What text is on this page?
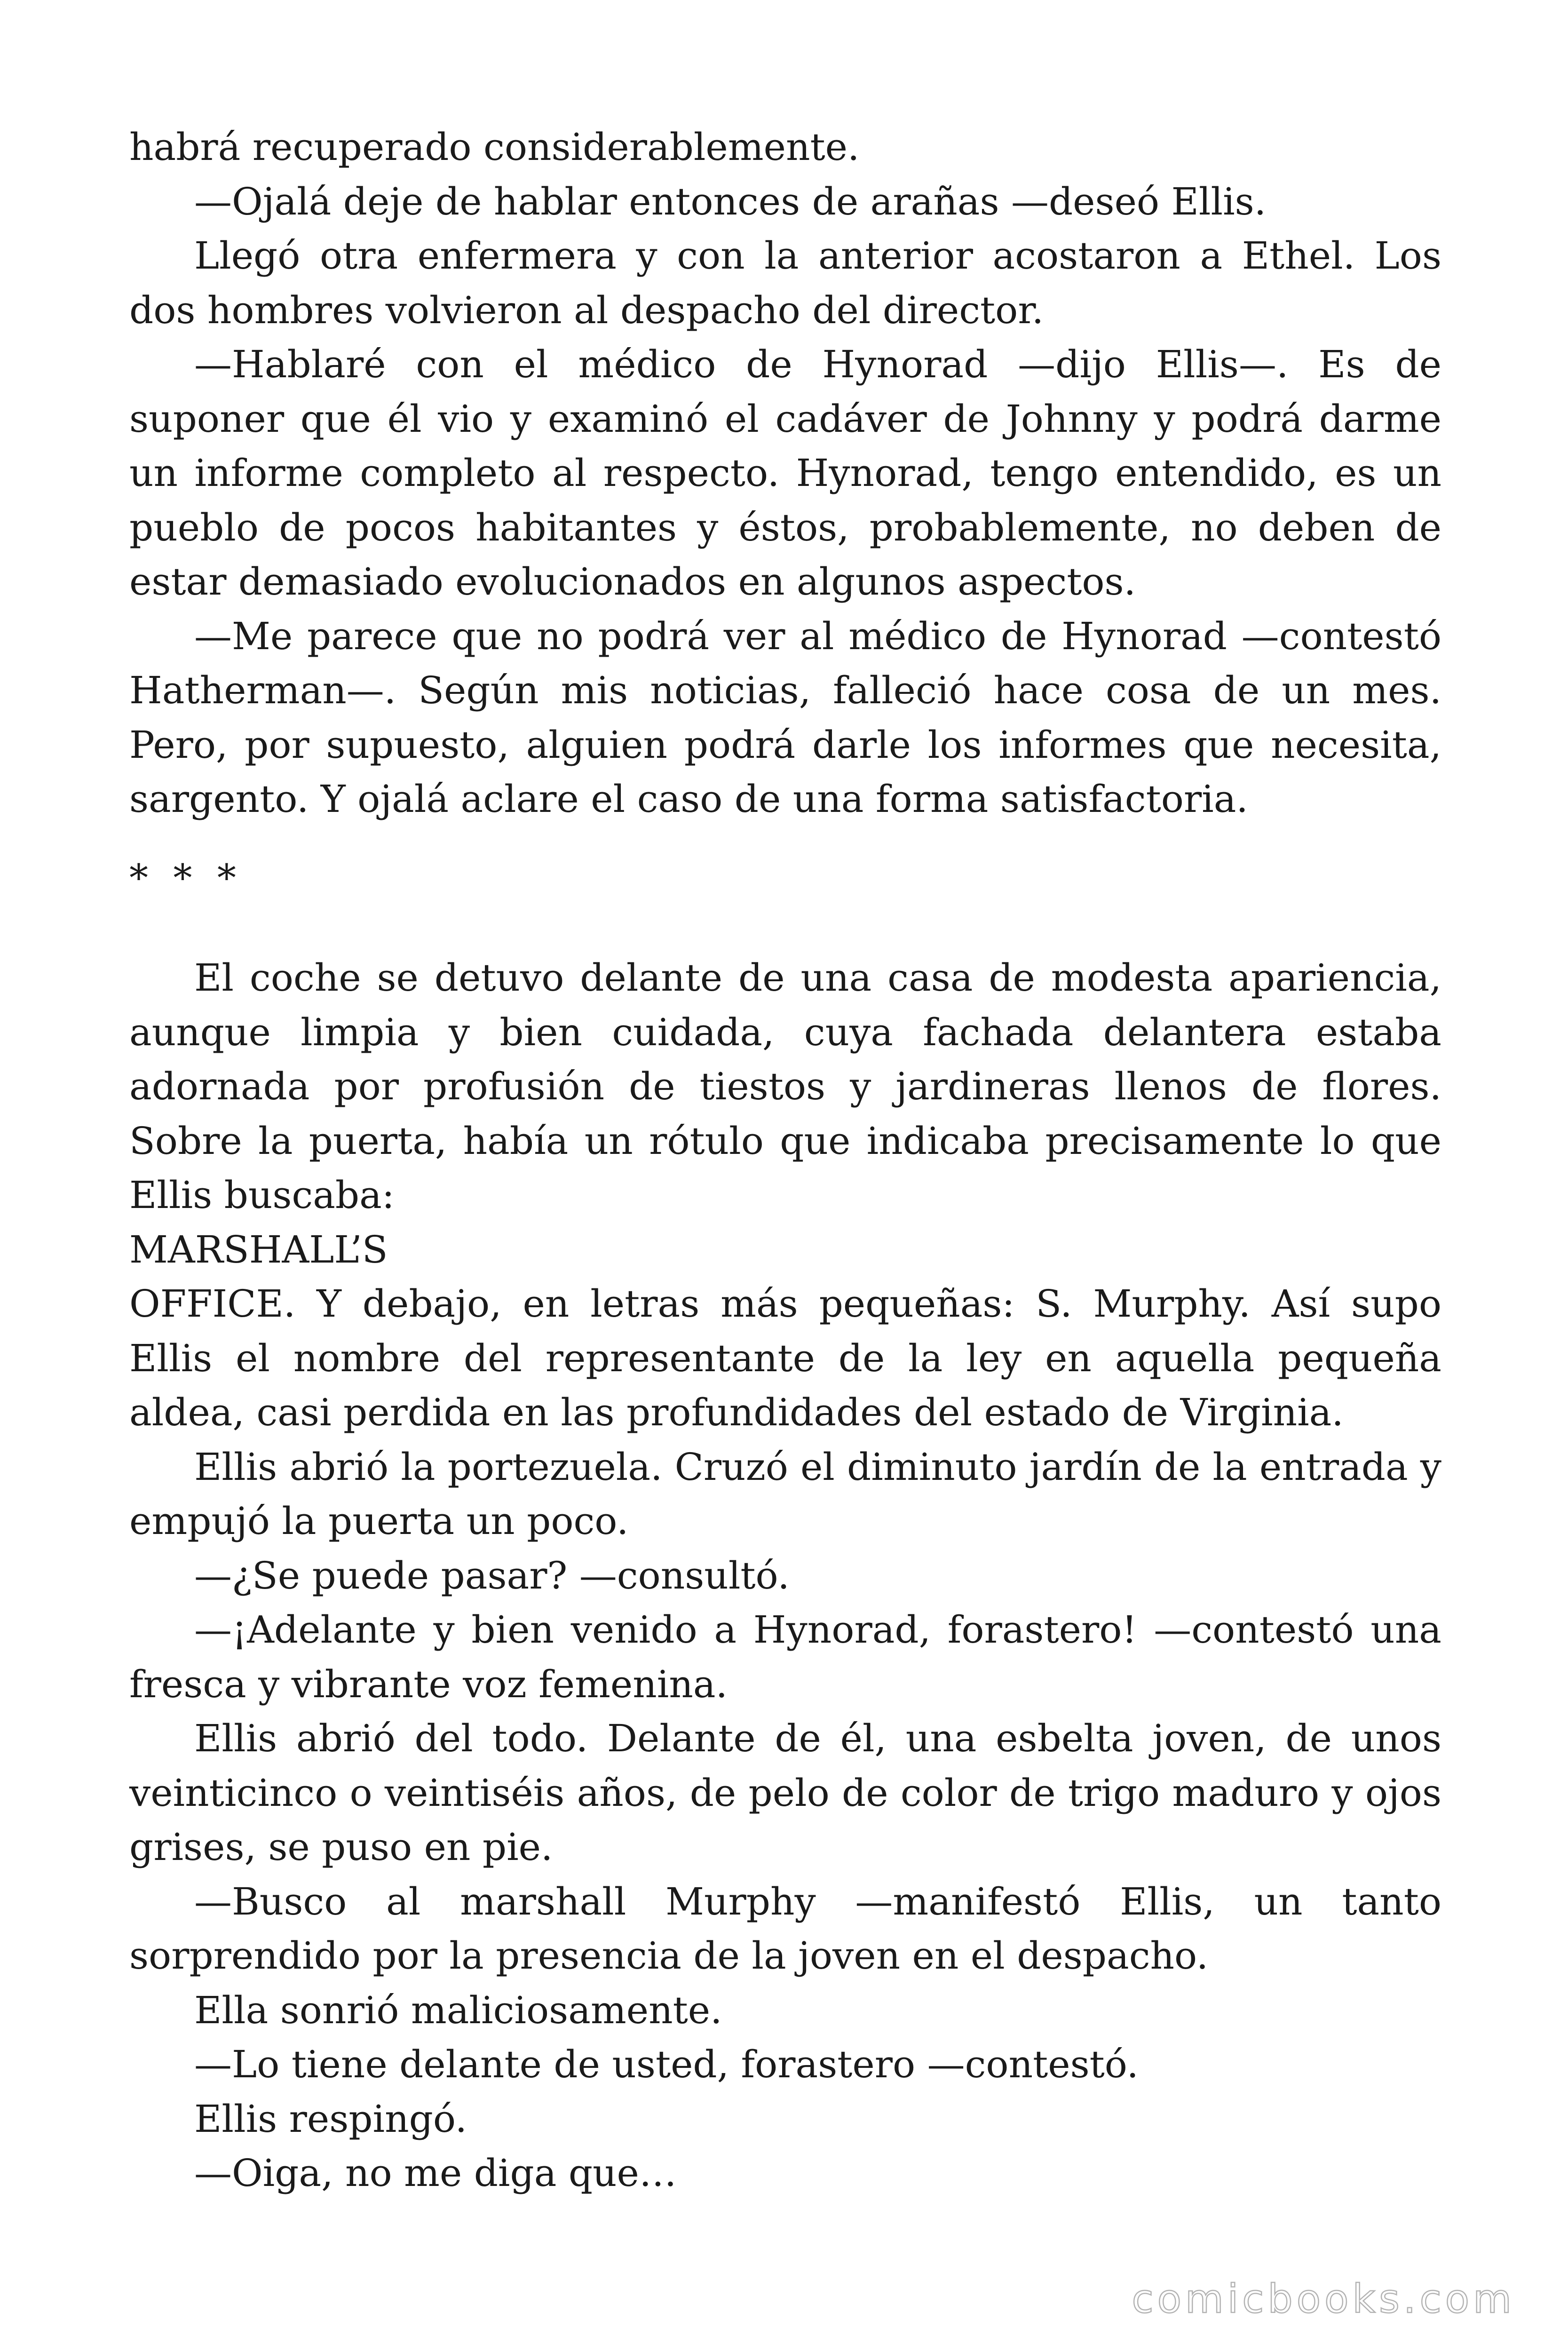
habrá recuperado considerablemente.

—Ojalá deje de hablar entonces de arañas —deseó Ellis.

Llegó otra enfermera y con la anterior acostaron a Ethel. Los dos hombres volvieron al despacho del director.

—Hablaré con el médico de Hynorad —dijo Ellis—. Es de suponer que él vio y examinó el cadáver de Johnny y podrá darme un informe completo al respecto. Hynorad, tengo entendido, es un pueblo de pocos habitantes y éstos, probablemente, no deben de estar demasiado evolucionados en algunos aspectos.

—Me parece que no podrá ver al médico de Hynorad —contestó Hatherman—. Según mis noticias, falleció hace cosa de un mes. Pero, por supuesto, alguien podrá darle los informes que necesita, sargento. Y ojalá aclare el caso de una forma satisfactoria.

* * *

El coche se detuvo delante de una casa de modesta apariencia, aunque limpia y bien cuidada, cuya fachada delantera estaba adornada por profusión de tiestos y jardineras llenos de flores. Sobre la puerta, había un rótulo que indicaba precisamente lo que Ellis buscaba:

MARSHALL’S

OFFICE. Y debajo, en letras más pequeñas: S. Murphy. Así supo Ellis el nombre del representante de la ley en aquella pequeña aldea, casi perdida en las profundidades del estado de Virginia.

Ellis abrió la portezuela. Cruzó el diminuto jardín de la entrada y empujó la puerta un poco.

—¿Se puede pasar? —consultó.

—¡Adelante y bien venido a Hynorad, forastero! —contestó una fresca y vibrante voz femenina.

Ellis abrió del todo. Delante de él, una esbelta joven, de unos veinticinco o veintiséis años, de pelo de color de trigo maduro y ojos grises, se puso en pie.

—Busco al marshall Murphy —manifestó Ellis, un tanto sorprendido por la presencia de la joven en el despacho.

Ella sonrió maliciosamente.

—Lo tiene delante de usted, forastero —contestó.

Ellis respingó.

—Oiga, no me diga que…

comicbooks.com
